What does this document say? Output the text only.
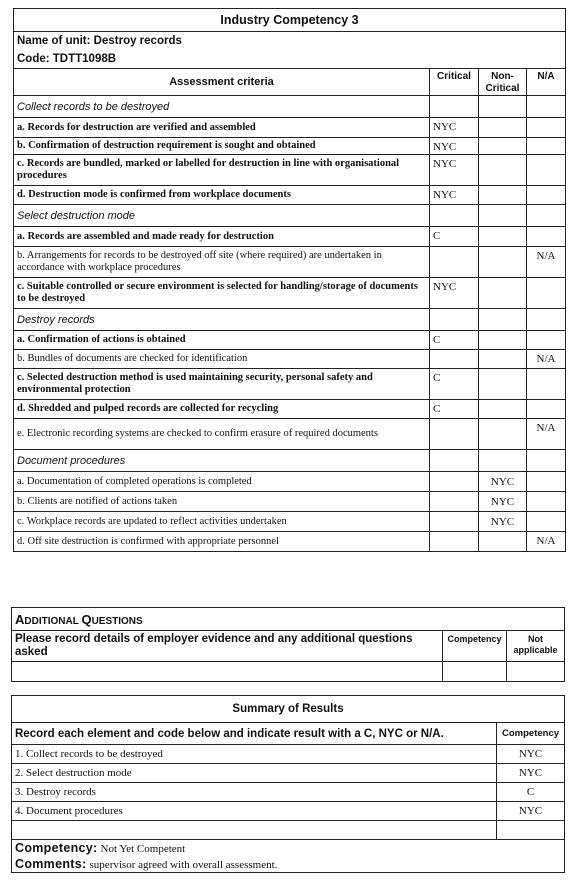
Industry Competency 3			
Name of unit: Destroy records			
Code: TDTT1098B			
Assessment criteria	Critical	Non-Critical	N/A
Collect records to be destroyed			
a. Records for destruction are verified and assembled	NYC		
b. Confirmation of destruction requirement is sought and obtained	NYC		
c. Records are bundled, marked or labelled for destruction in line with organisational procedures	NYC		
d. Destruction mode is confirmed from workplace documents	NYC		
Select destruction mode			
a. Records are assembled and made ready for destruction	C		
b. Arrangements for records to be destroyed off site (where required) are undertaken in accordance with workplace procedures			N/A
c. Suitable controlled or secure environment is selected for handling/storage of documents to be destroyed	NYC		
Destroy records			
a. Confirmation of actions is obtained	C		
b. Bundles of documents are checked for identification			N/A
c. Selected destruction method is used maintaining security, personal safety and environmental protection	C		
d. Shredded and pulped records are collected for recycling	C		
e. Electronic recording systems are checked to confirm erasure of required documents			N/A
Document procedures			
a. Documentation of completed operations is completed		NYC	
b. Clients are notified of actions taken		NYC	
c. Workplace records are updated to reflect activities undertaken		NYC	
d. Off site destruction is confirmed with appropriate personnel			N/A
ADDITIONAL QUESTIONS		
Please record details of employer evidence and any additional questions asked	Competency	Not applicable

Summary of Results	
Record each element and code below and indicate result with a C, NYC or N/A.	Competency
1. Collect records to be destroyed	NYC
2. Select destruction mode	NYC
3. Destroy records	C
4. Document procedures	NYC

Competency: Not Yet Competent	
Comments: supervisor agreed with overall assessment.	
